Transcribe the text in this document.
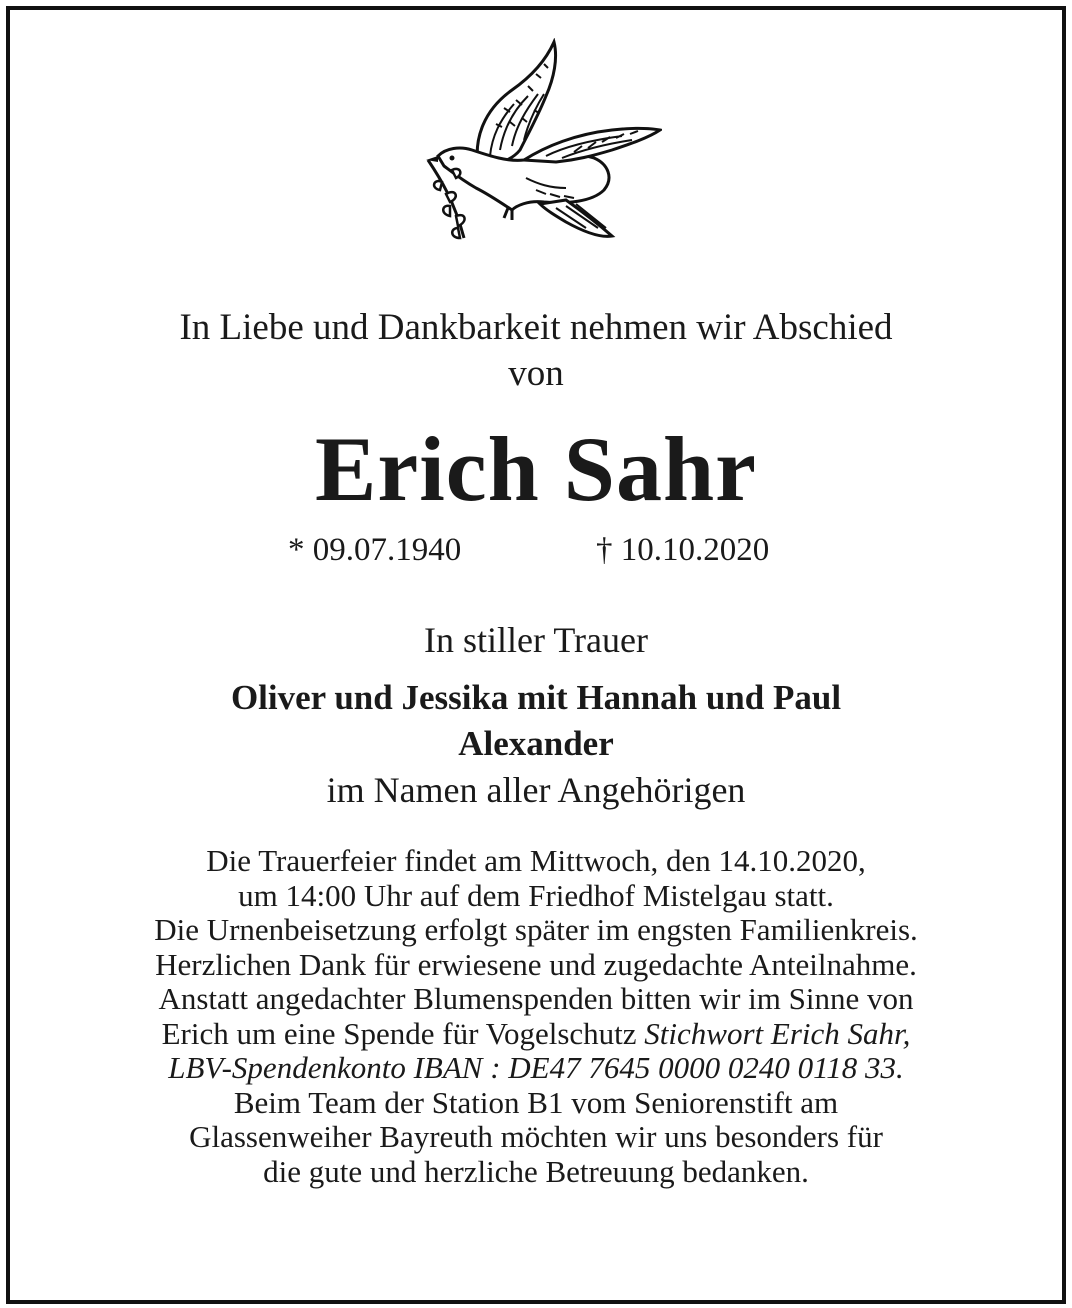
In Liebe und Dankbarkeit nehmen wir Abschied
von
Erich Sahr
* 09.07.1940	† 10.10.2020
In stiller Trauer
Oliver und Jessika mit Hannah und Paul
Alexander
im Namen aller Angehörigen
Die Trauerfeier findet am Mittwoch, den 14.10.2020,
um 14:00 Uhr auf dem Friedhof Mistelgau statt.
Die Urnenbeisetzung erfolgt später im engsten Familienkreis.
Herzlichen Dank für erwiesene und zugedachte Anteilnahme.
Anstatt angedachter Blumenspenden bitten wir im Sinne von
Erich um eine Spende für Vogelschutz Stichwort Erich Sahr,
LBV-Spendenkonto IBAN : DE47 7645 0000 0240 0118 33.
Beim Team der Station B1 vom Seniorenstift am
Glassenweiher Bayreuth möchten wir uns besonders für
die gute und herzliche Betreuung bedanken.
